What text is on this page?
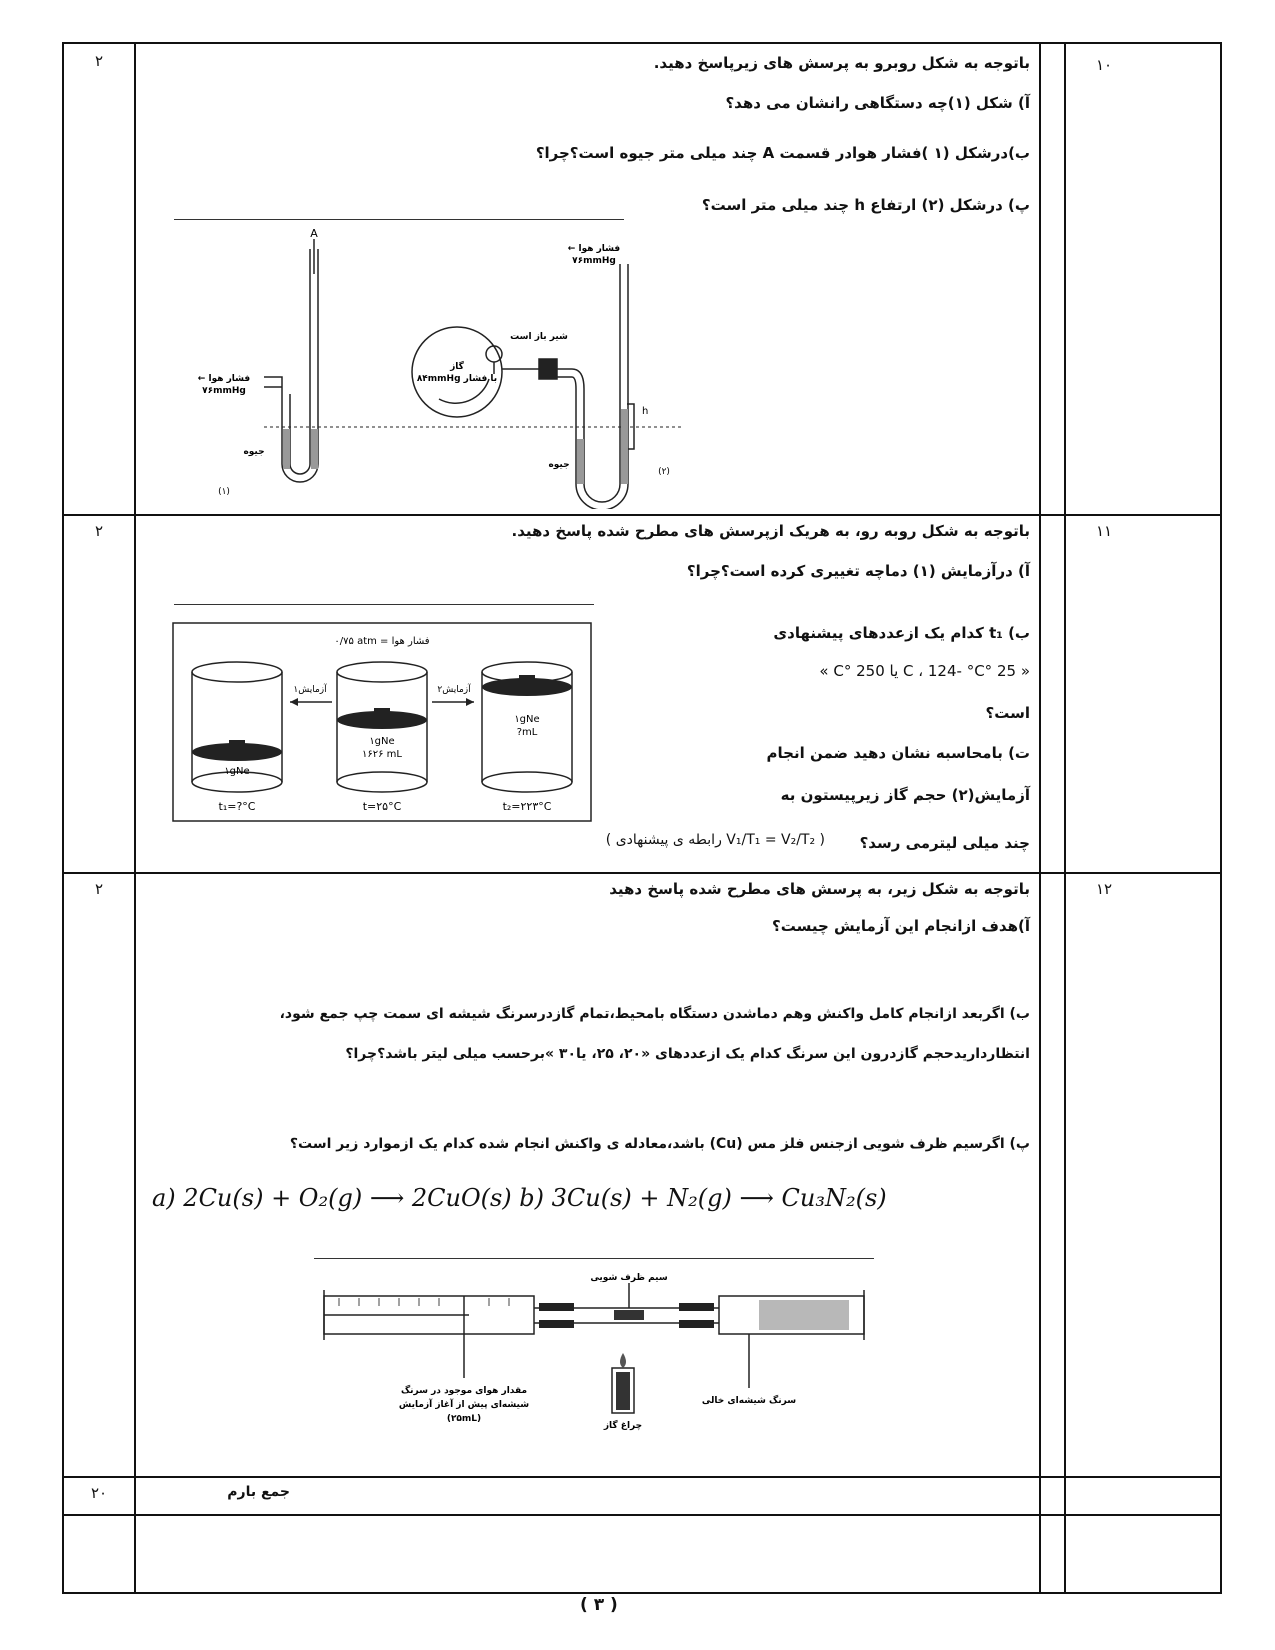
۲
۲
۲
۲۰
۱۰
۱۱
۱۲
باتوجه به شکل روبرو به پرسش های زیرپاسخ دهید.
آ) شکل (۱)چه دستگاهی رانشان می دهد؟
ب)درشکل (۱ )فشار هوادر قسمت A چند میلی متر جیوه است؟چرا؟
پ) درشکل (۲) ارتفاع h چند میلی متر است؟
A
← فشار هوا
۷۶mmHg
جیوه
(۱)
← فشار هوا
۷۶mmHg
شیر باز است
گاز
۸۴mmHg با فشار
h
جیوه
(۲)
باتوجه به شکل روبه رو، به هریک ازپرسش های مطرح شده پاسخ دهید.
آ) درآزمایش (۱) دماچه تغییری کرده است؟چرا؟
ب) t₁ کدام یک ازعددهای پیشنهادی
« 25 °C ، 124- °C یا 250 °C »
است؟
ت) بامحاسبه نشان دهید ضمن انجام
آزمایش(۲) حجم گاز زیرپیستون به
چند میلی لیترمی رسد؟
( V₁/T₁ = V₂/T₂ رابطه ی پیشنهادی )
۰/۷۵ atm = فشار هوا
آزمایش۱	آزمایش۲
۱gNe
t₁=?°C
۱gNe
۱۶۲۶ mL
t=۲۵°C
۱gNe
?mL
t₂=۲۲۳°C
باتوجه به شکل زیر، به پرسش های مطرح شده پاسخ دهید
آ)هدف ازانجام این آزمایش چیست؟
ب) اگربعد ازانجام کامل واکنش وهم دماشدن دستگاه بامحیط،تمام گازدرسرنگ شیشه ای سمت چپ جمع شود،
انتظارداریدحجم گازدرون این سرنگ کدام یک ازعددهای «۲۰، ۲۵، یا۳۰ »برحسب میلی لیتر باشد؟چرا؟
پ) اگرسیم ظرف شویی ازجنس فلز مس (Cu) باشد،معادله ی واکنش انجام شده کدام یک ازموارد زیر است؟
a) 2Cu(s) + O₂(g) ⟶ 2CuO(s) b) 3Cu(s) + N₂(g) ⟶ Cu₃N₂(s)
سیم ظرف شویی
مقدار هوای موجود در سرنگ
شیشه‌ای پیش از آغاز آزمایش
(۲۵mL)
چراغ گاز
سرنگ شیشه‌ای خالی
جمع بارم
( ۳ )
